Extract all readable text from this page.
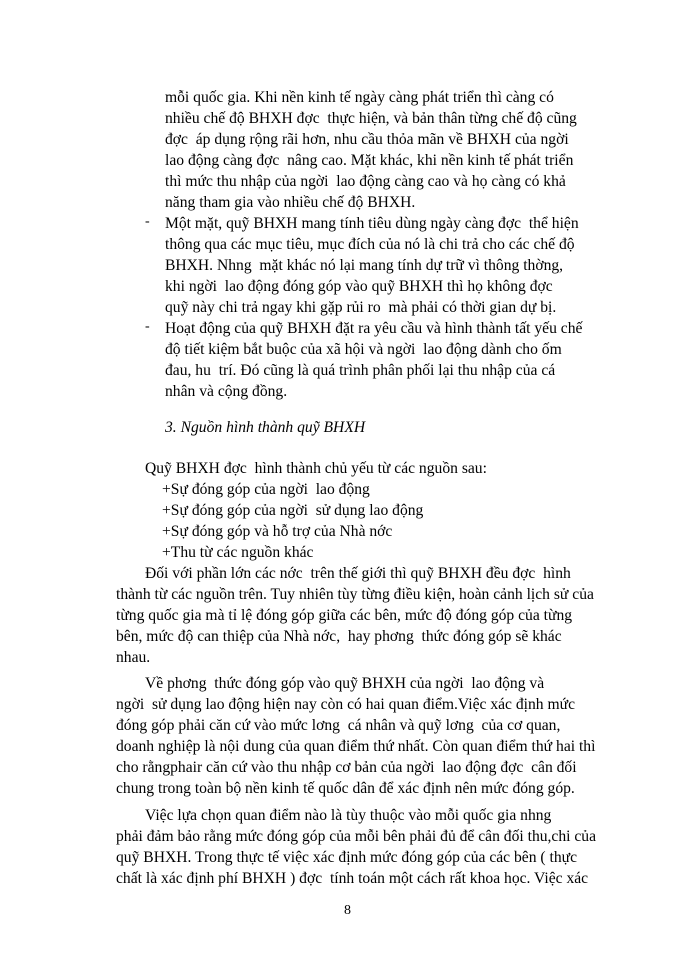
mỗi quốc gia. Khi nền kinh tế ngày càng phát triển thì càng có
nhiều chế độ BHXH đợc  thực hiện, và bản thân từng chế độ cũng
đợc  áp dụng rộng rãi hơn, nhu cầu thỏa mãn về BHXH của ngời
lao động càng đợc  nâng cao. Mặt khác, khi nền kinh tế phát triển
thì mức thu nhập của ngời  lao động càng cao và họ càng có khả
năng tham gia vào nhiều chế độ BHXH.
- Một mặt, quỹ BHXH mang tính tiêu dùng ngày càng đợc  thể hiện
thông qua các mục tiêu, mục đích của nó là chi trả cho các chế độ
BHXH. Nhng  mặt khác nó lại mang tính dự trữ vì thông thờng,
khi ngời  lao động đóng góp vào quỹ BHXH thì họ không đợc
quỹ này chi trả ngay khi gặp rủi ro  mà phải có thời gian dự bị.
- Hoạt động của quỹ BHXH đặt ra yêu cầu và hình thành tất yếu chế
độ tiết kiệm bắt buộc của xã hội và ngời  lao động dành cho ốm
đau, hu  trí. Đó cũng là quá trình phân phối lại thu nhập của cá
nhân và cộng đồng.
3. Nguồn hình thành quỹ BHXH
Quỹ BHXH đợc  hình thành chủ yếu từ các nguồn sau:
+Sự đóng góp của ngời  lao động
+Sự đóng góp của ngời  sử dụng lao động
+Sự đóng góp và hỗ trợ của Nhà nớc
+Thu từ các nguồn khác
Đối với phần lớn các nớc  trên thế giới thì quỹ BHXH đều đợc  hình
thành từ các nguồn trên. Tuy nhiên tùy từng điều kiện, hoàn cảnh lịch sử của
từng quốc gia mà tỉ lệ đóng góp giữa các bên, mức độ đóng góp của từng
bên, mức độ can thiệp của Nhà nớc,  hay phơng  thức đóng góp sẽ khác
nhau.
Về phơng  thức đóng góp vào quỹ BHXH của ngời  lao động và
ngời  sử dụng lao động hiện nay còn có hai quan điểm.Việc xác định mức
đóng góp phải căn cứ vào mức lơng  cá nhân và quỹ lơng  của cơ quan,
doanh nghiệp là nội dung của quan điểm thứ nhất. Còn quan điểm thứ hai thì
cho rằngphair căn cứ vào thu nhập cơ bản của ngời  lao động đợc  cân đối
chung trong toàn bộ nền kinh tế quốc dân để xác định nên mức đóng góp.
Việc lựa chọn quan điểm nào là tùy thuộc vào mỗi quốc gia nhng
phải đảm bảo rằng mức đóng góp của mỗi bên phải đủ để cân đối thu,chi của
quỹ BHXH. Trong thực tế việc xác định mức đóng góp của các bên ( thực
chất là xác định phí BHXH ) đợc  tính toán một cách rất khoa học. Việc xác
8
